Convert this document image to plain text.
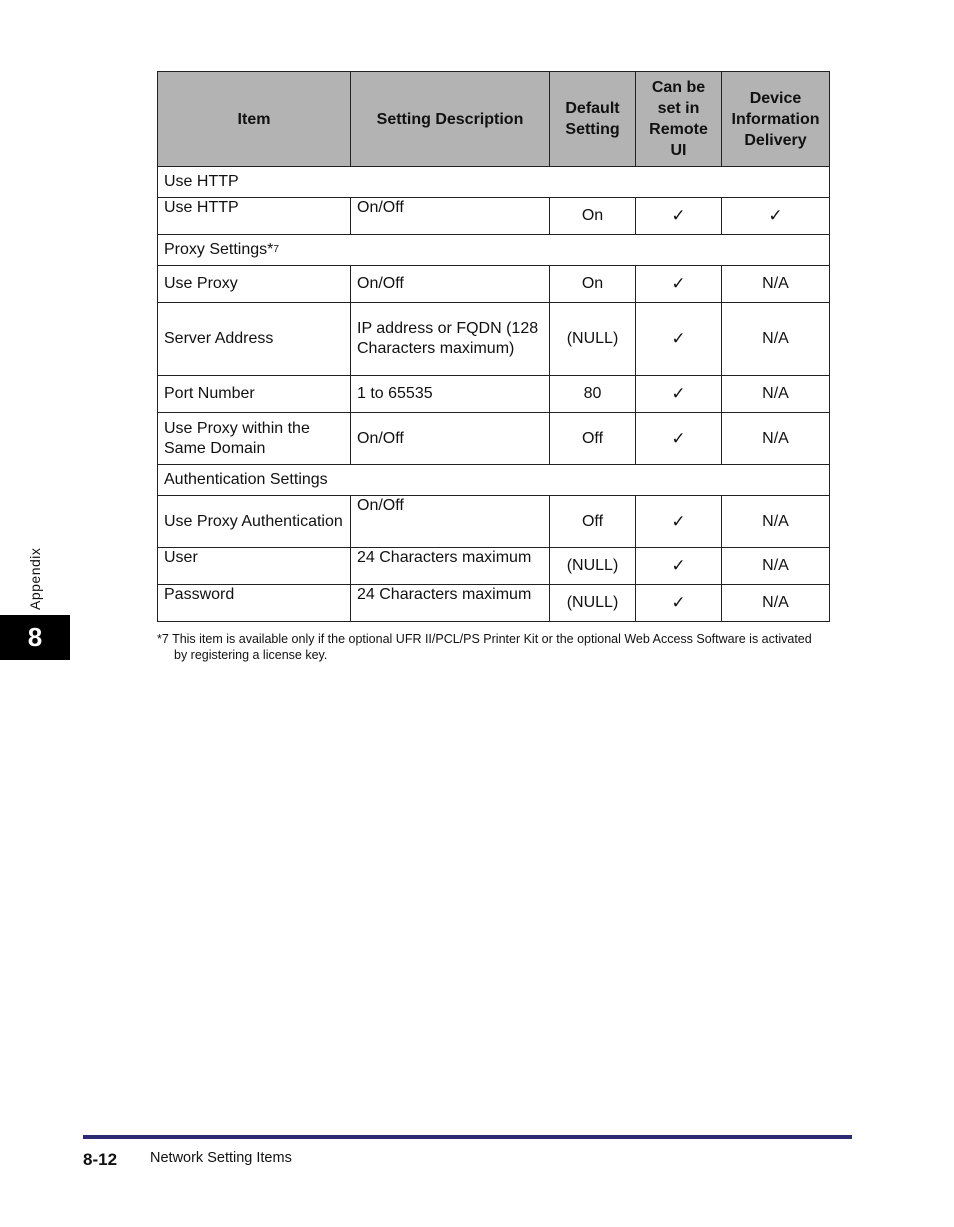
Item	Setting Description	Default Setting	Can be set in Remote UI	Device Information Delivery
Use HTTP				
Use HTTP	On/Off	On	✓	✓
Proxy Settings*$^7$
Use Proxy	On/Off	On	✓	N/A
Server Address	IP address or FQDN (128 Characters maximum)	(NULL)	✓	N/A
Port Number	1 to 65535	80	✓	N/A
Use Proxy within the Same Domain	On/Off	Off	✓	N/A
Authentication Settings				
Use Proxy Authentication	On/Off	Off	✓	N/A
User	24 Characters maximum	(NULL)	✓	N/A
Password	24 Characters maximum	(NULL)	✓	N/A
*7 This item is available only if the optional UFR II/PCL/PS Printer Kit or the optional Web Access Software is activated
by registering a license key.
Appendix
8
8-12 Network Setting Items
